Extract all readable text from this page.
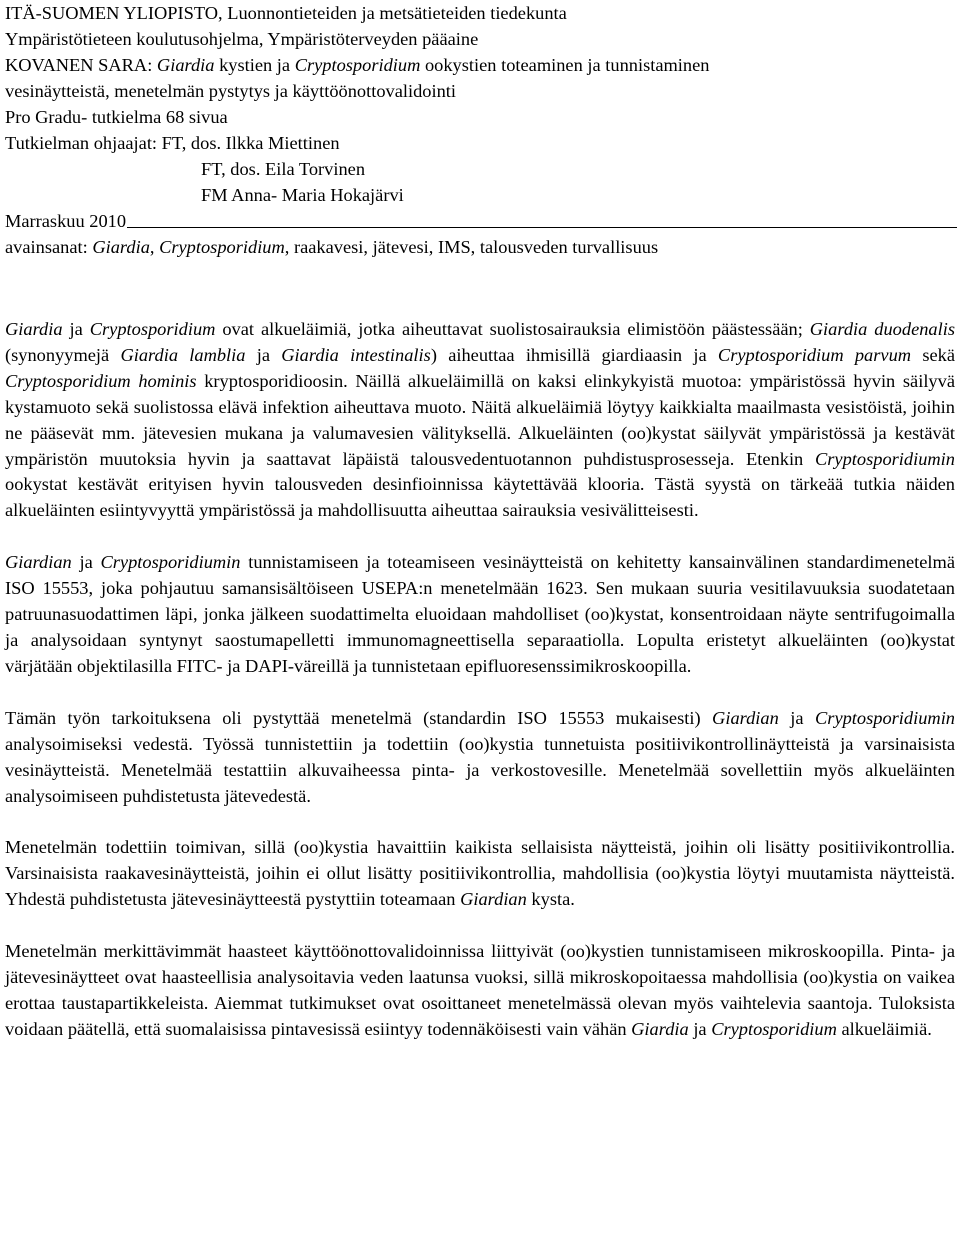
ITÄ-SUOMEN YLIOPISTO, Luonnontieteiden ja metsätieteiden tiedekunta
Ympäristötieteen koulutusohjelma, Ympäristöterveyden pääaine
KOVANEN SARA: Giardia kystien ja Cryptosporidium ookystien toteaminen ja tunnistaminen
vesinäytteistä, menetelmän pystytys ja käyttöönottovalidointi
Pro Gradu- tutkielma 68 sivua
Tutkielman ohjaajat: FT, dos. Ilkka Miettinen
FT, dos. Eila Torvinen
FM Anna- Maria Hokajärvi
Marraskuu 2010
avainsanat: Giardia, Cryptosporidium, raakavesi, jätevesi, IMS, talousveden turvallisuus

Giardia ja Cryptosporidium ovat alkueläimiä, jotka aiheuttavat suolistosairauksia elimistöön päästessään; Giardia duodenalis (synonyymejä Giardia lamblia ja Giardia intestinalis) aiheuttaa ihmisillä giardiaasin ja Cryptosporidium parvum sekä Cryptosporidium hominis kryptosporidioosin. Näillä alkueläimillä on kaksi elinkykyistä muotoa: ympäristössä hyvin säilyvä kystamuoto sekä suolistossa elävä infektion aiheuttava muoto. Näitä alkueläimiä löytyy kaikkialta maailmasta vesistöistä, joihin ne pääsevät mm. jätevesien mukana ja valumavesien välityksellä. Alkueläinten (oo)kystat säilyvät ympäristössä ja kestävät ympäristön muutoksia hyvin ja saattavat läpäistä talousvedentuotannon puhdistusprosesseja. Etenkin Cryptosporidiumin ookystat kestävät erityisen hyvin talousveden desinfioinnissa käytettävää klooria. Tästä syystä on tärkeää tutkia näiden alkueläinten esiintyvyyttä ympäristössä ja mahdollisuutta aiheuttaa sairauksia vesivälitteisesti.

Giardian ja Cryptosporidiumin tunnistamiseen ja toteamiseen vesinäytteistä on kehitetty kansainvälinen standardimenetelmä ISO 15553, joka pohjautuu samansisältöiseen USEPA:n menetelmään 1623. Sen mukaan suuria vesitilavuuksia suodatetaan patruunasuodattimen läpi, jonka jälkeen suodattimelta eluoidaan mahdolliset (oo)kystat, konsentroidaan näyte sentrifugoimalla ja analysoidaan syntynyt saostumapelletti immunomagneettisella separaatiolla. Lopulta eristetyt alkueläinten (oo)kystat värjätään objektilasilla FITC- ja DAPI-väreillä ja tunnistetaan epifluoresenssimikroskoopilla.

Tämän työn tarkoituksena oli pystyttää menetelmä (standardin ISO 15553 mukaisesti) Giardian ja Cryptosporidiumin analysoimiseksi vedestä. Työssä tunnistettiin ja todettiin (oo)kystia tunnetuista positiivikontrollinäytteistä ja varsinaisista vesinäytteistä. Menetelmää testattiin alkuvaiheessa pinta- ja verkostovesille. Menetelmää sovellettiin myös alkueläinten analysoimiseen puhdistetusta jätevedestä.

Menetelmän todettiin toimivan, sillä (oo)kystia havaittiin kaikista sellaisista näytteistä, joihin oli lisätty positiivikontrollia. Varsinaisista raakavesinäytteistä, joihin ei ollut lisätty positiivikontrollia, mahdollisia (oo)kystia löytyi muutamista näytteistä. Yhdestä puhdistetusta jätevesinäytteestä pystyttiin toteamaan Giardian kysta.

Menetelmän merkittävimmät haasteet käyttöönottovalidoinnissa liittyivät (oo)kystien tunnistamiseen mikroskoopilla. Pinta- ja jätevesinäytteet ovat haasteellisia analysoitavia veden laatunsa vuoksi, sillä mikroskopoitaessa mahdollisia (oo)kystia on vaikea erottaa taustapartikkeleista. Aiemmat tutkimukset ovat osoittaneet menetelmässä olevan myös vaihtelevia saantoja. Tuloksista voidaan päätellä, että suomalaisissa pintavesissä esiintyy todennäköisesti vain vähän Giardia ja Cryptosporidium alkueläimiä.
